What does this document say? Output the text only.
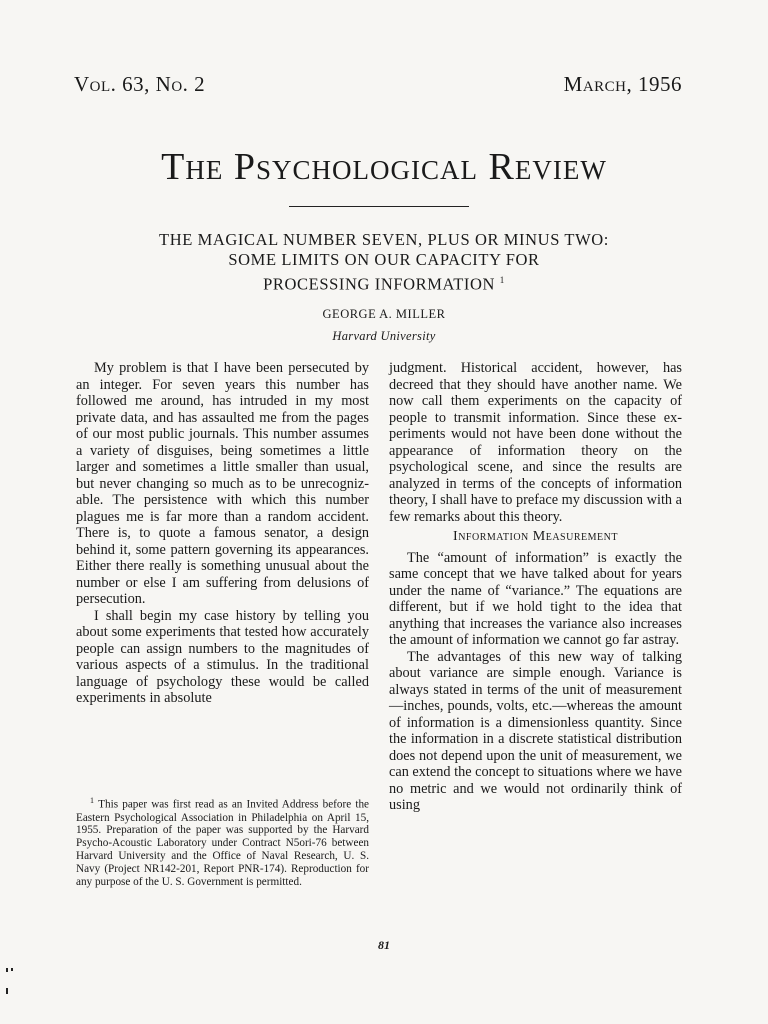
Vol. 63, No. 2	March, 1956
The Psychological Review
THE MAGICAL NUMBER SEVEN, PLUS OR MINUS TWO:
SOME LIMITS ON OUR CAPACITY FOR
PROCESSING INFORMATION $^1$
GEORGE A. MILLER
Harvard University

My problem is that I have been persecuted by an integer. For seven years this number has followed me around, has intruded in my most private data, and has assaulted me from the pages of our most public journals. This number assumes a variety of disguises, being sometimes a little larger and sometimes a little smaller than usual, but never changing so much as to be unrecognizable. The persistence with which this number plagues me is far more than a random accident. There is, to quote a famous senator, a design behind it, some pattern governing its appearances. Either there really is something unusual about the number or else I am suffering from delusions of persecution.

I shall begin my case history by telling you about some experiments that tested how accurately people can assign numbers to the magnitudes of various aspects of a stimulus. In the traditional language of psychology these would be called experiments in absolute

judgment. Historical accident, however, has decreed that they should have another name. We now call them experiments on the capacity of people to transmit information. Since these experiments would not have been done without the appearance of information theory on the psychological scene, and since the results are analyzed in terms of the concepts of information theory, I shall have to preface my discussion with a few remarks about this theory.

Information Measurement

The “amount of information” is exactly the same concept that we have talked about for years under the name of “variance.” The equations are different, but if we hold tight to the idea that anything that increases the variance also increases the amount of information we cannot go far astray.

The advantages of this new way of talking about variance are simple enough. Variance is always stated in terms of the unit of measurement—inches, pounds, volts, etc.—whereas the amount of information is a dimensionless quantity. Since the information in a discrete statistical distribution does not depend upon the unit of measurement, we can extend the concept to situations where we have no metric and we would not ordinarily think of using

$^1$ This paper was first read as an Invited Address before the Eastern Psychological Association in Philadelphia on April 15, 1955. Preparation of the paper was supported by the Harvard Psycho-Acoustic Laboratory under Contract N5ori-76 between Harvard University and the Office of Naval Research, U. S. Navy (Project NR142-201, Report PNR-174). Reproduction for any purpose of the U. S. Government is permitted.

81
